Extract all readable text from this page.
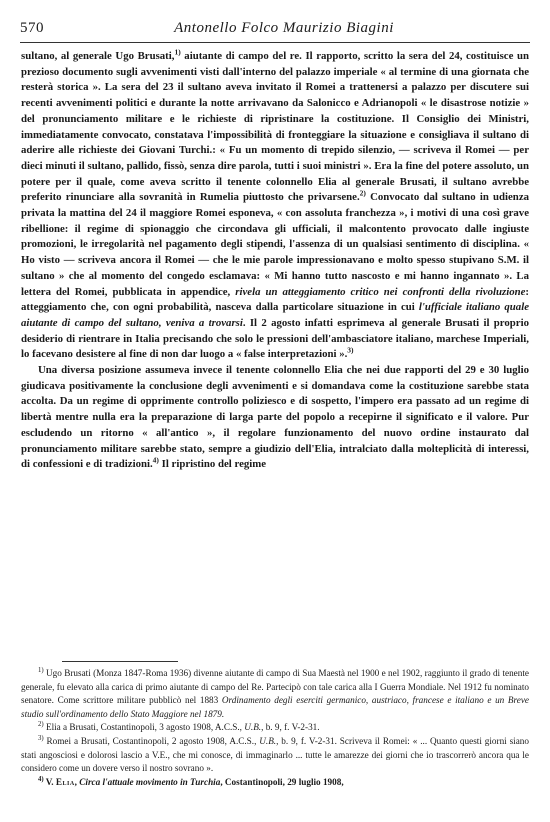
570	Antonello Folco Maurizio Biagini

sultano, al generale Ugo Brusati,$^{1)}$ aiutante di campo del re. Il rapporto, scritto la sera del 24, costituisce un prezioso documento sugli avvenimenti visti dall'interno del palazzo imperiale « al termine di una giornata che resterà storica ». La sera del 23 il sultano aveva invitato il Romei a trattenersi a palazzo per discutere sui recenti avvenimenti politici e durante la notte arrivavano da Salonicco e Adrianopoli « le disastrose notizie » del pronunciamento militare e le richieste di ripristinare la costituzione. Il Consiglio dei Ministri, immediatamente convocato, constatava l'impossibilità di fronteggiare la situazione e consigliava il sultano di aderire alle richieste dei Giovani Turchi.: « Fu un momento di trepido silenzio, — scriveva il Romei — per dieci minuti il sultano, pallido, fissò, senza dire parola, tutti i suoi ministri ». Era la fine del potere assoluto, un potere per il quale, come aveva scritto il tenente colonnello Elia al generale Brusati, il sultano avrebbe preferito rinunciare alla sovranità in Rumelia piuttosto che privarsene.$^{2)}$ Convocato dal sultano in udienza privata la mattina del 24 il maggiore Romei esponeva, « con assoluta franchezza », i motivi di una così grave ribellione: il regime di spionaggio che circondava gli ufficiali, il malcontento provocato dalle ingiuste promozioni, le irregolarità nel pagamento degli stipendi, l'assenza di un qualsiasi sentimento di disciplina. « Ho visto — scriveva ancora il Romei — che le mie parole impressionavano e molto spesso stupivano S.M. il sultano » che al momento del congedo esclamava: « Mi hanno tutto nascosto e mi hanno ingannato ». La lettera del Romei, pubblicata in appendice, rivela un atteggiamento critico nei confronti della rivoluzione: atteggiamento che, con ogni probabilità, nasceva dalla particolare situazione in cui l'ufficiale italiano quale aiutante di campo del sultano, veniva a trovarsi. Il 2 agosto infatti esprimeva al generale Brusati il proprio desiderio di rientrare in Italia precisando che solo le pressioni dell'ambasciatore italiano, marchese Imperiali, lo facevano desistere al fine di non dar luogo a « false interpretazioni ».$^{3)}$

Una diversa posizione assumeva invece il tenente colonnello Elia che nei due rapporti del 29 e 30 luglio giudicava positivamente la conclusione degli avvenimenti e si domandava come la costituzione sarebbe stata accolta. Da un regime di opprimente controllo poliziesco e di sospetto, l'impero era passato ad un regime di libertà mentre nulla era la preparazione di larga parte del popolo a recepirne il significato e il valore. Pur escludendo un ritorno « all'antico », il regolare funzionamento del nuovo ordine instaurato dal pronunciamento militare sarebbe stato, sempre a giudizio dell'Elia, intralciato dalla molteplicità di interessi, di confessioni e di tradizioni.$^{4)}$ Il ripristino del regime

$^{1)}$ Ugo Brusati (Monza 1847-Roma 1936) divenne aiutante di campo di Sua Maestà nel 1900 e nel 1902, raggiunto il grado di tenente generale, fu elevato alla carica di primo aiutante di campo del Re. Partecipò con tale carica alla I Guerra Mondiale. Nel 1912 fu nominato senatore. Come scrittore militare pubblicò nel 1883 Ordinamento degli eserciti germanico, austriaco, francese e italiano e un Breve studio sull'ordinamento dello Stato Maggiore nel 1879.

$^{2)}$ Elia a Brusati, Costantinopoli, 3 agosto 1908, A.C.S., U.B., b. 9, f. V-2-31.

$^{3)}$ Romei a Brusati, Costantinopoli, 2 agosto 1908, A.C.S., U.B., b. 9, f. V-2-31. Scriveva il Romei: « ... Quanto questi giorni siano stati angosciosi e dolorosi lascio a V.E., che mi conosce, di immaginarlo ... tutte le amarezze dei giorni che io trascorrerò ancora qua le considero come un dovere verso il nostro sovrano ».

$^{4)}$ V. Elia, Circa l'attuale movimento in Turchia, Costantinopoli, 29 luglio 1908,
